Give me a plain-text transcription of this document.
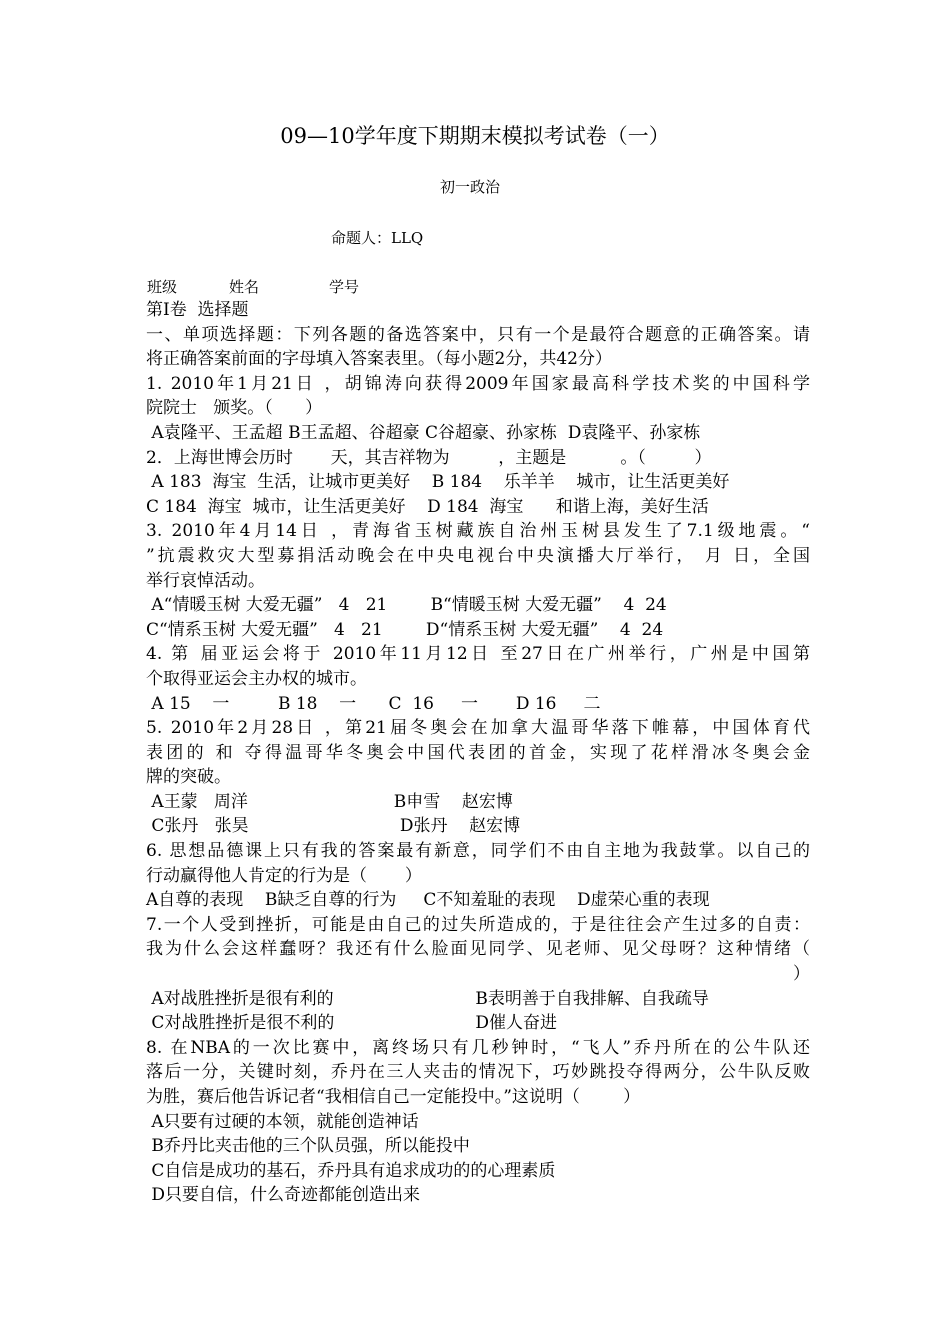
09—10学年度下期期末模拟考试卷（一）
初一政治
命题人：LLQ
班级	姓名	学号
第Ⅰ卷  选择题
一、单项选择题：下列各题的备选答案中，只有一个是最符合题意的正确答案。请
将正确答案前面的字母填入答案表里。（每小题2分，共42分）
1. 2010年1月21日 ，胡锦涛向获得2009年国家最高科学技术奖的中国科学
院院士   颁奖。（      ）
A袁隆平、王孟超 B王孟超、谷超豪 C谷超豪、孙家栋  D袁隆平、孙家栋
2．上海世博会历时       天，其吉祥物为         ，主题是          。（         ）
A 183  海宝  生活，让城市更美好    B 184    乐羊羊    城市，让生活更美好
C 184  海宝  城市，让生活更美好    D 184  海宝      和谐上海，美好生活
3. 2010年4月14日 ，青海省玉树藏族自治州玉树县发生了7.1级地震。“
”抗震救灾大型募捐活动晚会在中央电视台中央演播大厅举行， 月 日，全国
举行哀悼活动。
A“情暖玉树 大爱无疆”   4   21        B“情暖玉树 大爱无疆”    4  24
C“情系玉树 大爱无疆”   4   21        D“情系玉树 大爱无疆”    4  24
4. 第 届亚运会将于 2010年11月12日 至27日在广州举行，广州是中国第
个取得亚运会主办权的城市。
A 15    一         B 18    一      C  16     一       D 16     二
5. 2010年2月28日 ，第21届冬奥会在加拿大温哥华落下帷幕，中国体育代
表团的 和 夺得温哥华冬奥会中国代表团的首金，实现了花样滑冰冬奥会金
牌的突破。
A王蒙   周洋                           B申雪    赵宏博
C张丹   张昊                            D张丹    赵宏博
6. 思想品德课上只有我的答案最有新意，同学们不由自主地为我鼓掌。以自己的
行动赢得他人肯定的行为是（       ）
A自尊的表现    B缺乏自尊的行为     C不知羞耻的表现    D虚荣心重的表现
7.一个人受到挫折，可能是由自己的过失所造成的，于是往往会产生过多的自责：
我为什么会这样蠢呀？我还有什么脸面见同学、见老师、见父母呀？这种情绪（
）
A对战胜挫折是很有利的	B表明善于自我排解、自我疏导
C对战胜挫折是很不利的	D催人奋进
8. 在NBA的一次比赛中，离终场只有几秒钟时，“飞人”乔丹所在的公牛队还
落后一分，关键时刻，乔丹在三人夹击的情况下，巧妙跳投夺得两分，公牛队反败
为胜，赛后他告诉记者“我相信自己一定能投中。”这说明（        ）
A只要有过硬的本领，就能创造神话
B乔丹比夹击他的三个队员强，所以能投中
C自信是成功的基石，乔丹具有追求成功的的心理素质
D只要自信，什么奇迹都能创造出来
